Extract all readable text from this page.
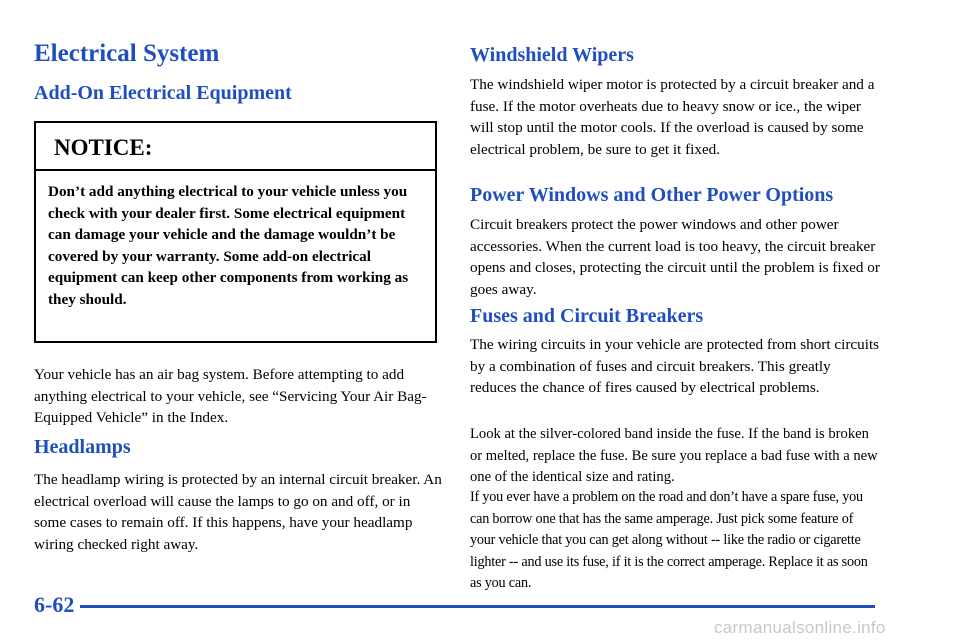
Electrical System
Add-On Electrical Equipment
NOTICE:
Don’t add anything electrical to your vehicle unless you check with your dealer first. Some electrical equipment can damage your vehicle and the damage wouldn’t be covered by your warranty. Some add-on electrical equipment can keep other components from working as they should.

Your vehicle has an air bag system. Before attempting to add anything electrical to your vehicle, see “Servicing Your Air Bag-Equipped Vehicle” in the Index.

Headlamps

The headlamp wiring is protected by an internal circuit breaker. An electrical overload will cause the lamps to go on and off, or in some cases to remain off. If this happens, have your headlamp wiring checked right away.

Windshield Wipers

The windshield wiper motor is protected by a circuit breaker and a fuse. If the motor overheats due to heavy snow or ice., the wiper will stop until the motor cools. If the overload is caused by some electrical problem, be sure to get it fixed.

Power Windows and Other Power Options

Circuit breakers protect the power windows and other power accessories. When the current load is too heavy, the circuit breaker opens and closes, protecting the circuit until the problem is fixed or goes away.

Fuses and Circuit Breakers

The wiring circuits in your vehicle are protected from short circuits by a combination of fuses and circuit breakers. This greatly reduces the chance of fires caused by electrical problems.

Look at the silver-colored band inside the fuse. If the band is broken or melted, replace the fuse. Be sure you replace a bad fuse with a new one of the identical size and rating.

If you ever have a problem on the road and don’t have a spare fuse, you can borrow one that has the same amperage. Just pick some feature of your vehicle that you can get along without -- like the radio or cigarette lighter -- and use its fuse, if it is the correct amperage. Replace it as soon as you can.

6-62
carmanualsonline.info
